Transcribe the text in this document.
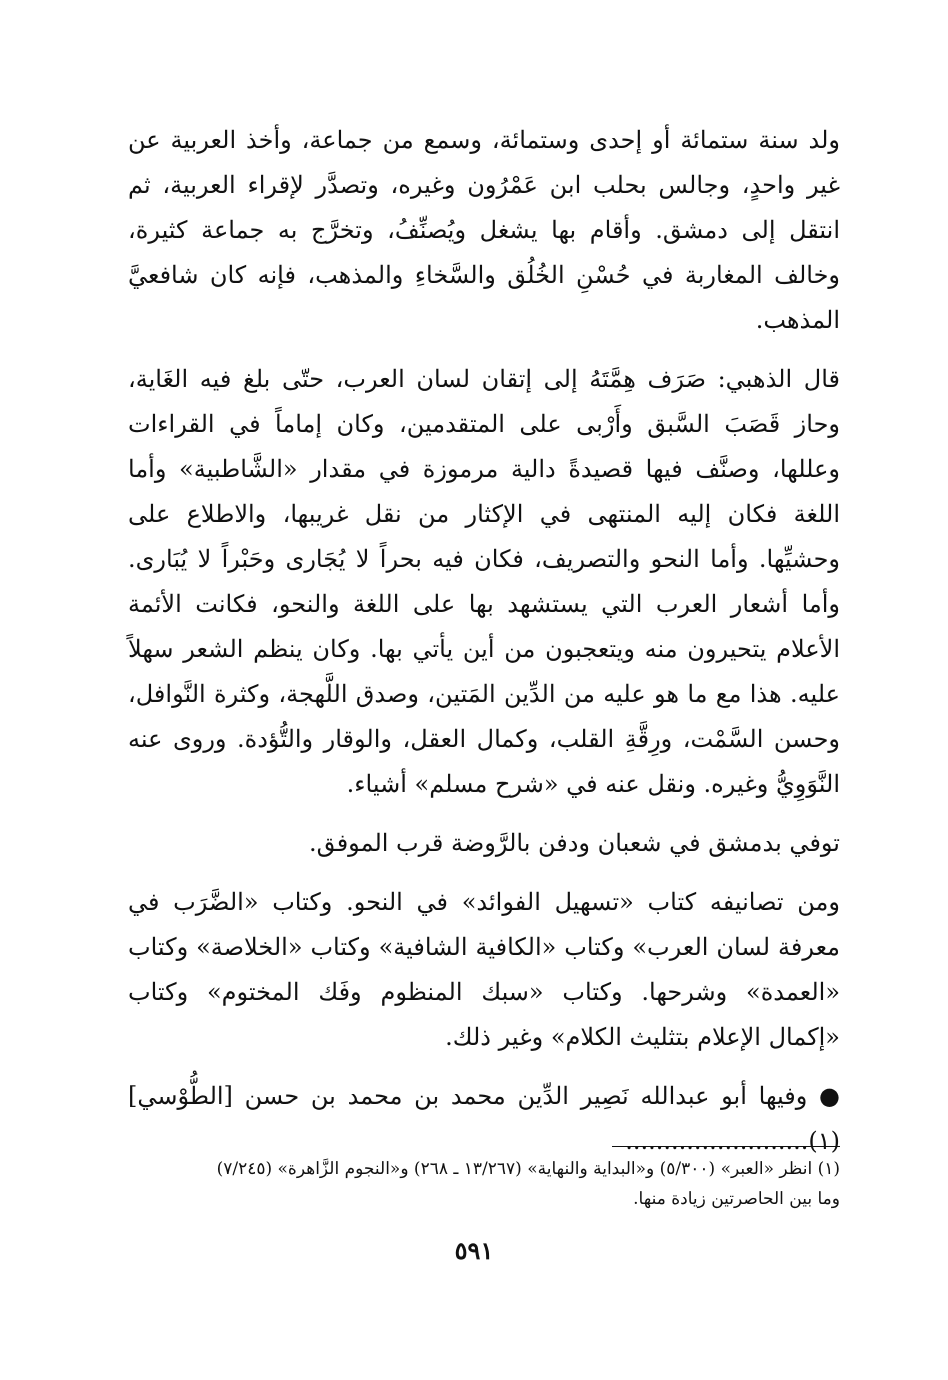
ولد سنة ستمائة أو إحدى وستمائة، وسمع من جماعة، وأخذ العربية عن غير واحدٍ، وجالس بحلب ابن عَمْرُون وغيره، وتصدَّر لإقراء العربية، ثم انتقل إلى دمشق. وأقام بها يشغل ويُصنِّفُ، وتخرَّج به جماعة كثيرة، وخالف المغاربة في حُسْنِ الخُلُق والسَّخاءِ والمذهب، فإنه كان شافعيَّ المذهب.

قال الذهبي: صَرَف هِمَّتَهُ إلى إتقان لسان العرب، حتّى بلغ فيه الغَاية، وحاز قَصَبَ السَّبق وأَرْبى على المتقدمين، وكان إماماً في القراءات وعللها، وصنَّف فيها قصيدةً دالية مرموزة في مقدار «الشَّاطبية» وأما اللغة فكان إليه المنتهى في الإكثار من نقل غريبها، والاطلاع على وحشيِّها. وأما النحو والتصريف، فكان فيه بحراً لا يُجَارى وحَبْراً لا يُبَارى. وأما أشعار العرب التي يستشهد بها على اللغة والنحو، فكانت الأئمة الأعلام يتحيرون منه ويتعجبون من أين يأتي بها. وكان ينظم الشعر سهلاً عليه. هذا مع ما هو عليه من الدِّين المَتين، وصدق اللَّهجة، وكثرة النَّوافل، وحسن السَّمْت، ورِقَّةِ القلب، وكمال العقل، والوقار والتُّؤدة. وروى عنه النَّوَوِيُّ وغيره. ونقل عنه في «شرح مسلم» أشياء.

توفي بدمشق في شعبان ودفن بالرَّوضة قرب الموفق.

ومن تصانيفه كتاب «تسهيل الفوائد» في النحو. وكتاب «الضَّرَب في معرفة لسان العرب» وكتاب «الكافية الشافية» وكتاب «الخلاصة» وكتاب «العمدة» وشرحها. وكتاب «سبك المنظوم وفَك المختوم» وكتاب «إكمال الإعلام بتثليث الكلام» وغير ذلك.

● وفيها أبو عبدالله نَصِير الدِّين محمد بن محمد بن حسن [الطُّوْسي](١)........................

(١) انظر «العبر» (٥/٣٠٠) و«البداية والنهاية» (١٣/٢٦٧ ـ ٢٦٨) و«النجوم الزَّاهرة» (٧/٢٤٥)

وما بين الحاصرتين زيادة منها.

٥٩١
